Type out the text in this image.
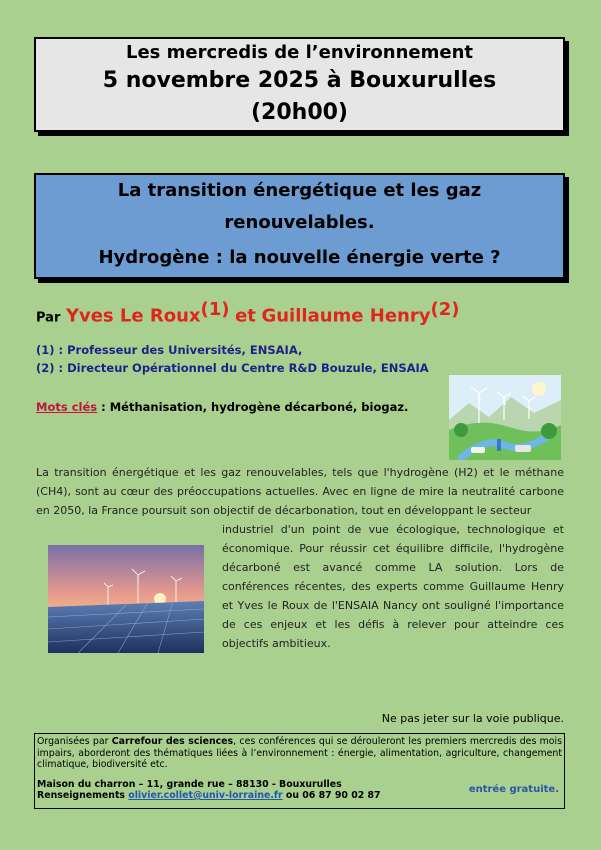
Les mercredis de l’environnement
5 novembre 2025 à Bouxurulles
(20h00)
La transition énergétique et les gaz
renouvelables.
Hydrogène : la nouvelle énergie verte ?
Par Yves Le Roux$^{(1)}$ et Guillaume Henry$^{(2)}$
(1) : Professeur des Universités, ENSAIA,
(2) : Directeur Opérationnel du Centre R&D Bouzule, ENSAIA
Mots clés : Méthanisation, hydrogène décarboné, biogaz.
La transition énergétique et les gaz renouvelables, tels que l'hydrogène (H2) et le méthane (CH4), sont au cœur des préoccupations actuelles. Avec en ligne de mire la neutralité carbone en 2050, la France poursuit son objectif de décarbonation, tout en développant le secteur
industriel d'un point de vue écologique, technologique et économique. Pour réussir cet équilibre difficile, l'hydrogène décarboné est avancé comme LA solution. Lors de conférences récentes, des experts comme Guillaume Henry et Yves le Roux de l'ENSAIA Nancy ont souligné l'importance de ces enjeux et les défis à relever pour atteindre ces objectifs ambitieux.
Ne pas jeter sur la voie publique.
Organisées par Carrefour des sciences, ces conférences qui se dérouleront les premiers mercredis des mois impairs, aborderont des thématiques liées à l’environnement : énergie, alimentation, agriculture, changement climatique, biodiversité etc.
Maison du charron – 11, grande rue – 88130 - Bouxurulles
Renseignements olivier.collet@univ-lorraine.fr ou 06 87 90 02 87
entrée gratuite.
